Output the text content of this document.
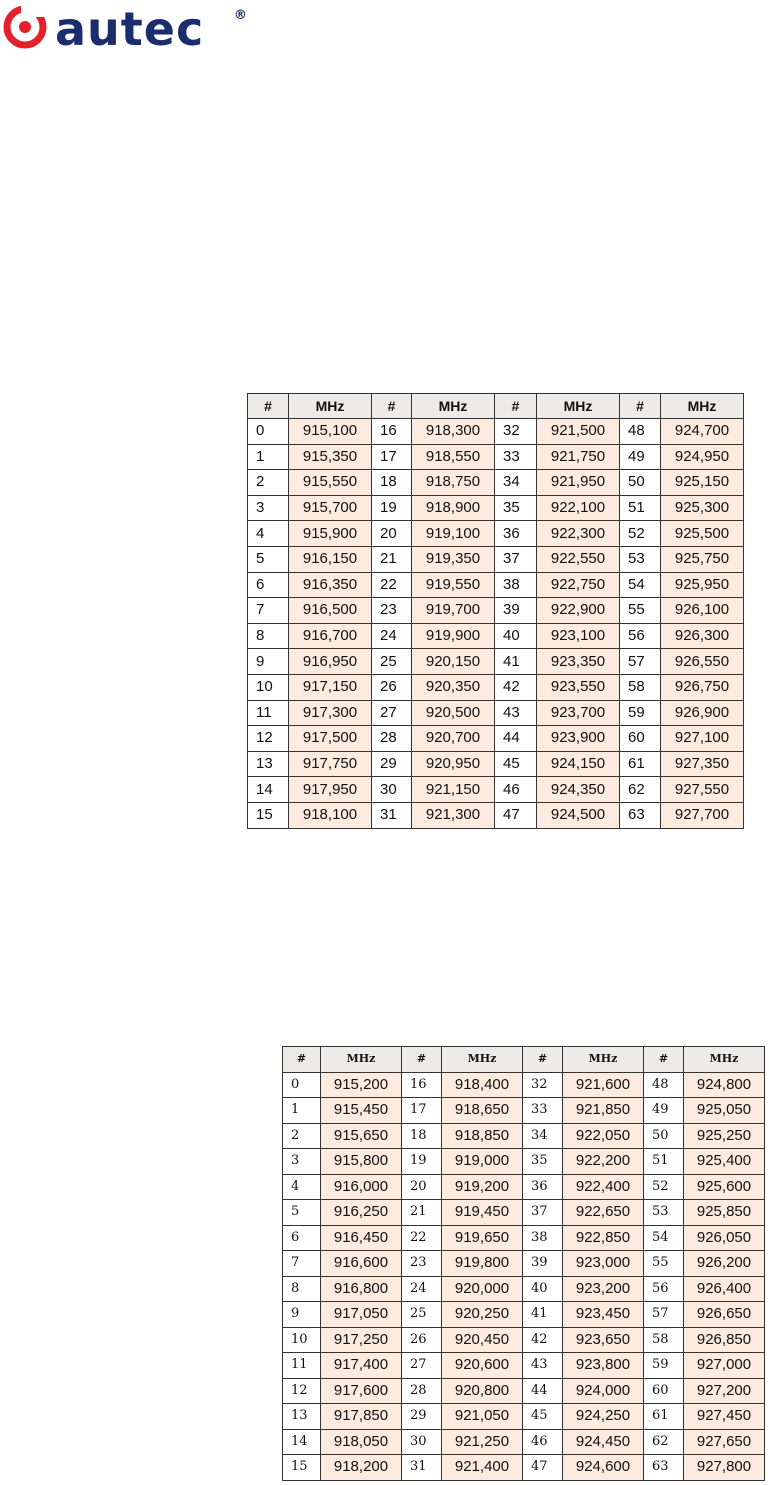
autec ®
#	MHz	#	MHz	#	MHz	#	MHz
0	915,100	16	918,300	32	921,500	48	924,700
1	915,350	17	918,550	33	921,750	49	924,950
2	915,550	18	918,750	34	921,950	50	925,150
3	915,700	19	918,900	35	922,100	51	925,300
4	915,900	20	919,100	36	922,300	52	925,500
5	916,150	21	919,350	37	922,550	53	925,750
6	916,350	22	919,550	38	922,750	54	925,950
7	916,500	23	919,700	39	922,900	55	926,100
8	916,700	24	919,900	40	923,100	56	926,300
9	916,950	25	920,150	41	923,350	57	926,550
10	917,150	26	920,350	42	923,550	58	926,750
11	917,300	27	920,500	43	923,700	59	926,900
12	917,500	28	920,700	44	923,900	60	927,100
13	917,750	29	920,950	45	924,150	61	927,350
14	917,950	30	921,150	46	924,350	62	927,550
15	918,100	31	921,300	47	924,500	63	927,700
#	MHz	#	MHz	#	MHz	#	MHz
0	915,200	16	918,400	32	921,600	48	924,800
1	915,450	17	918,650	33	921,850	49	925,050
2	915,650	18	918,850	34	922,050	50	925,250
3	915,800	19	919,000	35	922,200	51	925,400
4	916,000	20	919,200	36	922,400	52	925,600
5	916,250	21	919,450	37	922,650	53	925,850
6	916,450	22	919,650	38	922,850	54	926,050
7	916,600	23	919,800	39	923,000	55	926,200
8	916,800	24	920,000	40	923,200	56	926,400
9	917,050	25	920,250	41	923,450	57	926,650
10	917,250	26	920,450	42	923,650	58	926,850
11	917,400	27	920,600	43	923,800	59	927,000
12	917,600	28	920,800	44	924,000	60	927,200
13	917,850	29	921,050	45	924,250	61	927,450
14	918,050	30	921,250	46	924,450	62	927,650
15	918,200	31	921,400	47	924,600	63	927,800
